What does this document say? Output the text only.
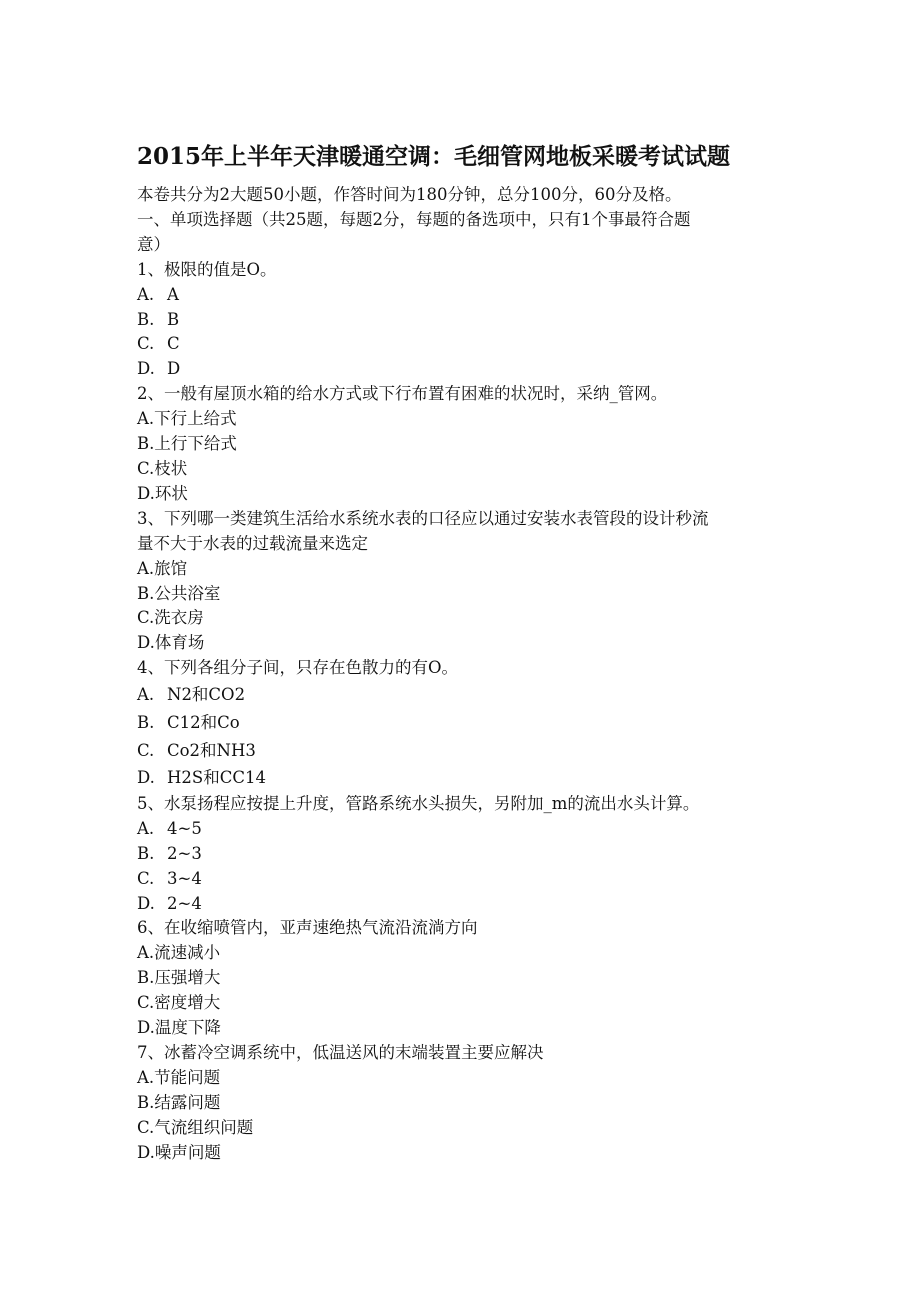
2015年上半年天津暖通空调：毛细管网地板采暖考试试题
本卷共分为2大题50小题，作答时间为180分钟，总分100分，60分及格。
一、单项选择题（共25题，每题2分，每题的备选项中，只有1个事最符合题
意）
1、极限的值是O。
A. A
B. B
C. C
D. D
2、一般有屋顶水箱的给水方式或下行布置有困难的状况时，采纳_管网。
A.下行上给式
B.上行下给式
C.枝状
D.环状
3、下列哪一类建筑生活给水系统水表的口径应以通过安装水表管段的设计秒流
量不大于水表的过载流量来选定
A.旅馆
B.公共浴室
C.洗衣房
D.体育场
4、下列各组分子间，只存在色散力的有O。
A. N2和CO2
B. C12和Co
C. Co2和NH3
D. H2S和CC14
5、水泵扬程应按提上升度，管路系统水头损失，另附加_m的流出水头计算。
A. 4~5
B. 2~3
C. 3~4
D. 2~4
6、在收缩喷管内，亚声速绝热气流沿流淌方向
A.流速减小
B.压强增大
C.密度增大
D.温度下降
7、冰蓄冷空调系统中，低温送风的末端装置主要应解决
A.节能问题
B.结露问题
C.气流组织问题
D.噪声问题
